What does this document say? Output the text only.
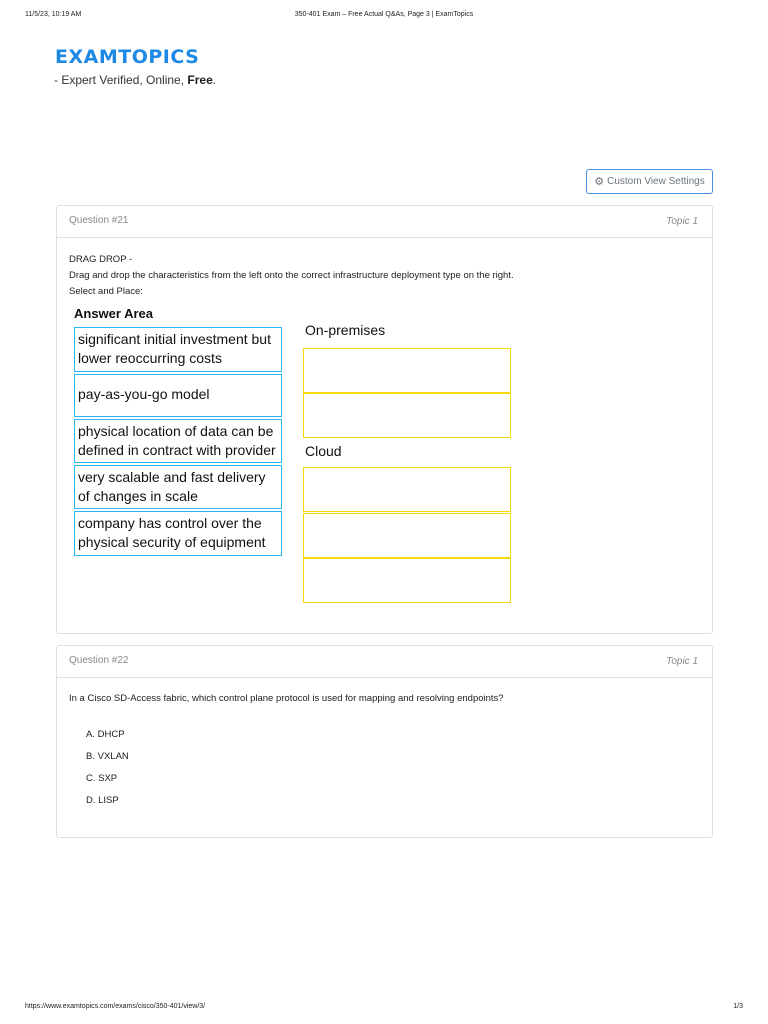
11/5/23, 10:19 AM	350-401 Exam – Free Actual Q&As, Page 3 | ExamTopics
EXAMTOPICS
- Expert Verified, Online, Free.
⚙ Custom View Settings
Question #21	Topic 1
DRAG DROP -
Drag and drop the characteristics from the left onto the correct infrastructure deployment type on the right.
Select and Place:
Answer Area
significant initial investment but lower reoccurring costs
pay-as-you-go model
physical location of data can be defined in contract with provider
very scalable and fast delivery of changes in scale
company has control over the physical security of equipment
On-premises
Cloud
Question #22	Topic 1
In a Cisco SD-Access fabric, which control plane protocol is used for mapping and resolving endpoints?
A. DHCP
B. VXLAN
C. SXP
D. LISP
https://www.examtopics.com/exams/cisco/350-401/view/3/	1/3
